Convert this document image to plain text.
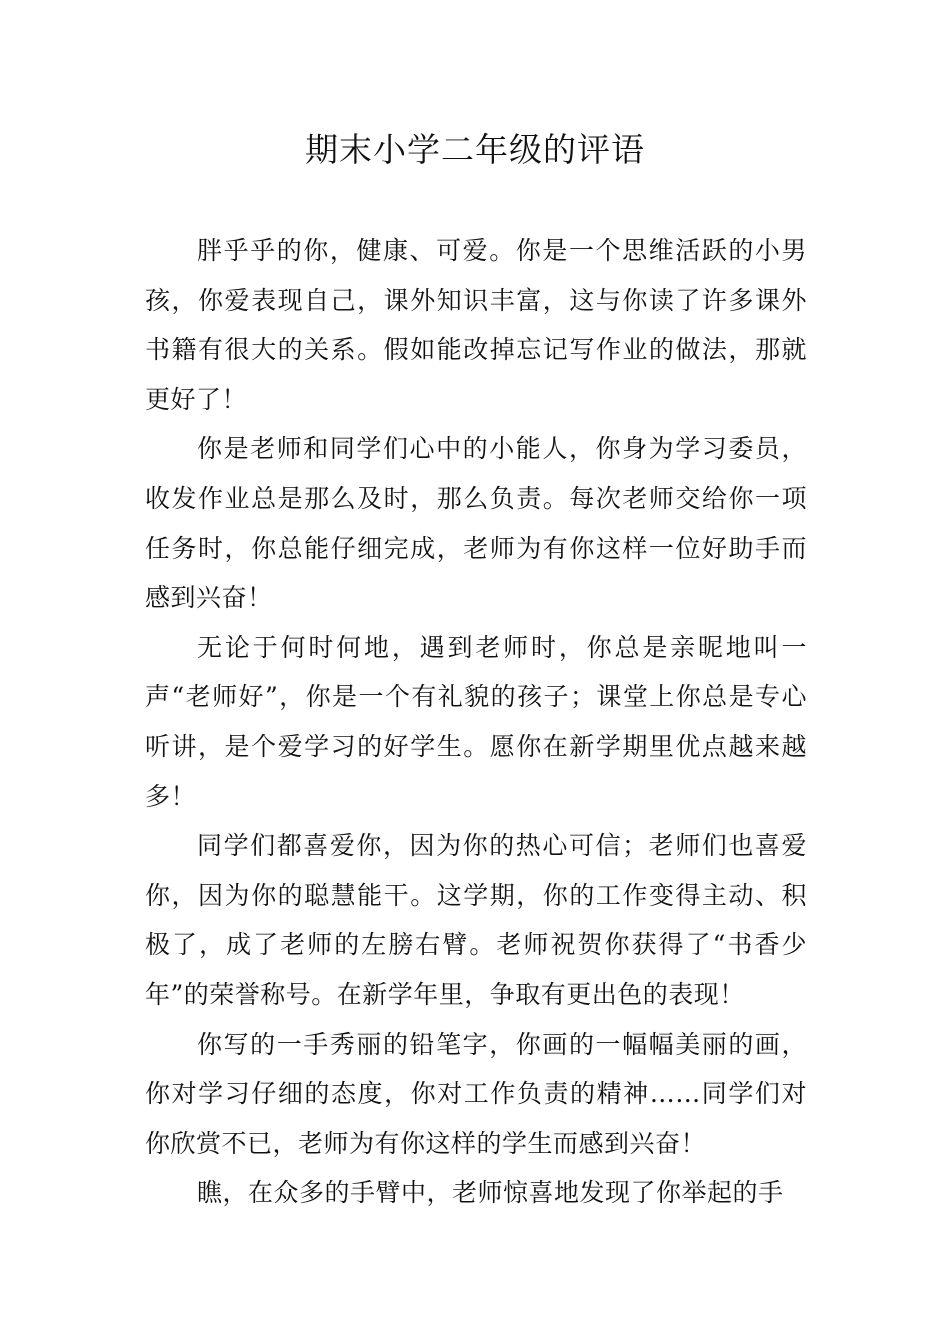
期末小学二年级的评语

胖乎乎的你，健康、可爱。你是一个思维活跃的小男孩，你爱表现自己，课外知识丰富，这与你读了许多课外书籍有很大的关系。假如能改掉忘记写作业的做法，那就更好了！

你是老师和同学们心中的小能人，你身为学习委员，收发作业总是那么及时，那么负责。每次老师交给你一项任务时，你总能仔细完成，老师为有你这样一位好助手而感到兴奋！

无论于何时何地，遇到老师时，你总是亲昵地叫一声“老师好”，你是一个有礼貌的孩子；课堂上你总是专心听讲，是个爱学习的好学生。愿你在新学期里优点越来越多！

同学们都喜爱你，因为你的热心可信；老师们也喜爱你，因为你的聪慧能干。这学期，你的工作变得主动、积极了，成了老师的左膀右臂。老师祝贺你获得了“书香少年”的荣誉称号。在新学年里，争取有更出色的表现！

你写的一手秀丽的铅笔字，你画的一幅幅美丽的画，你对学习仔细的态度，你对工作负责的精神……同学们对你欣赏不已，老师为有你这样的学生而感到兴奋！

瞧，在众多的手臂中，老师惊喜地发现了你举起的手
